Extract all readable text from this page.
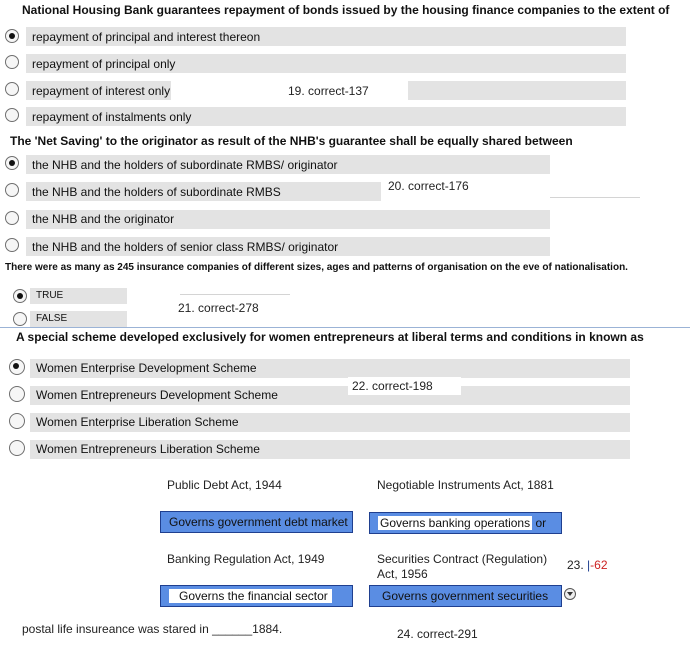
National Housing Bank guarantees repayment of bonds issued by the housing finance companies to the extent of
repayment of principal and interest thereon
repayment of principal only
repayment of interest only	19. correct-137
repayment of instalments only
The 'Net Saving' to the originator as result of the NHB's guarantee shall be equally shared between
the NHB and the holders of subordinate RMBS/ originator
the NHB and the holders of subordinate RMBS	20. correct-176
the NHB and the originator
the NHB and the holders of senior class RMBS/ originator
There were as many as 245 insurance companies of different sizes, ages and patterns of organisation on the eve of nationalisation.
TRUE
FALSE
21. correct-278
A special scheme developed exclusively for women entrepreneurs at liberal terms and conditions in known as
Women Enterprise Development Scheme
Women Entrepreneurs Development Scheme
22. correct-198
Women Enterprise Liberation Scheme
Women Entrepreneurs Liberation Scheme
Public Debt Act, 1944	Negotiable Instruments Act, 1881
Governs government debt market	Governs banking operations or
Banking Regulation Act, 1949	Securities Contract (Regulation) Act, 1956
23. |-62
Governs the financial sector	Governs government securities
postal life insureance was stared in ______1884.	24. correct-291
